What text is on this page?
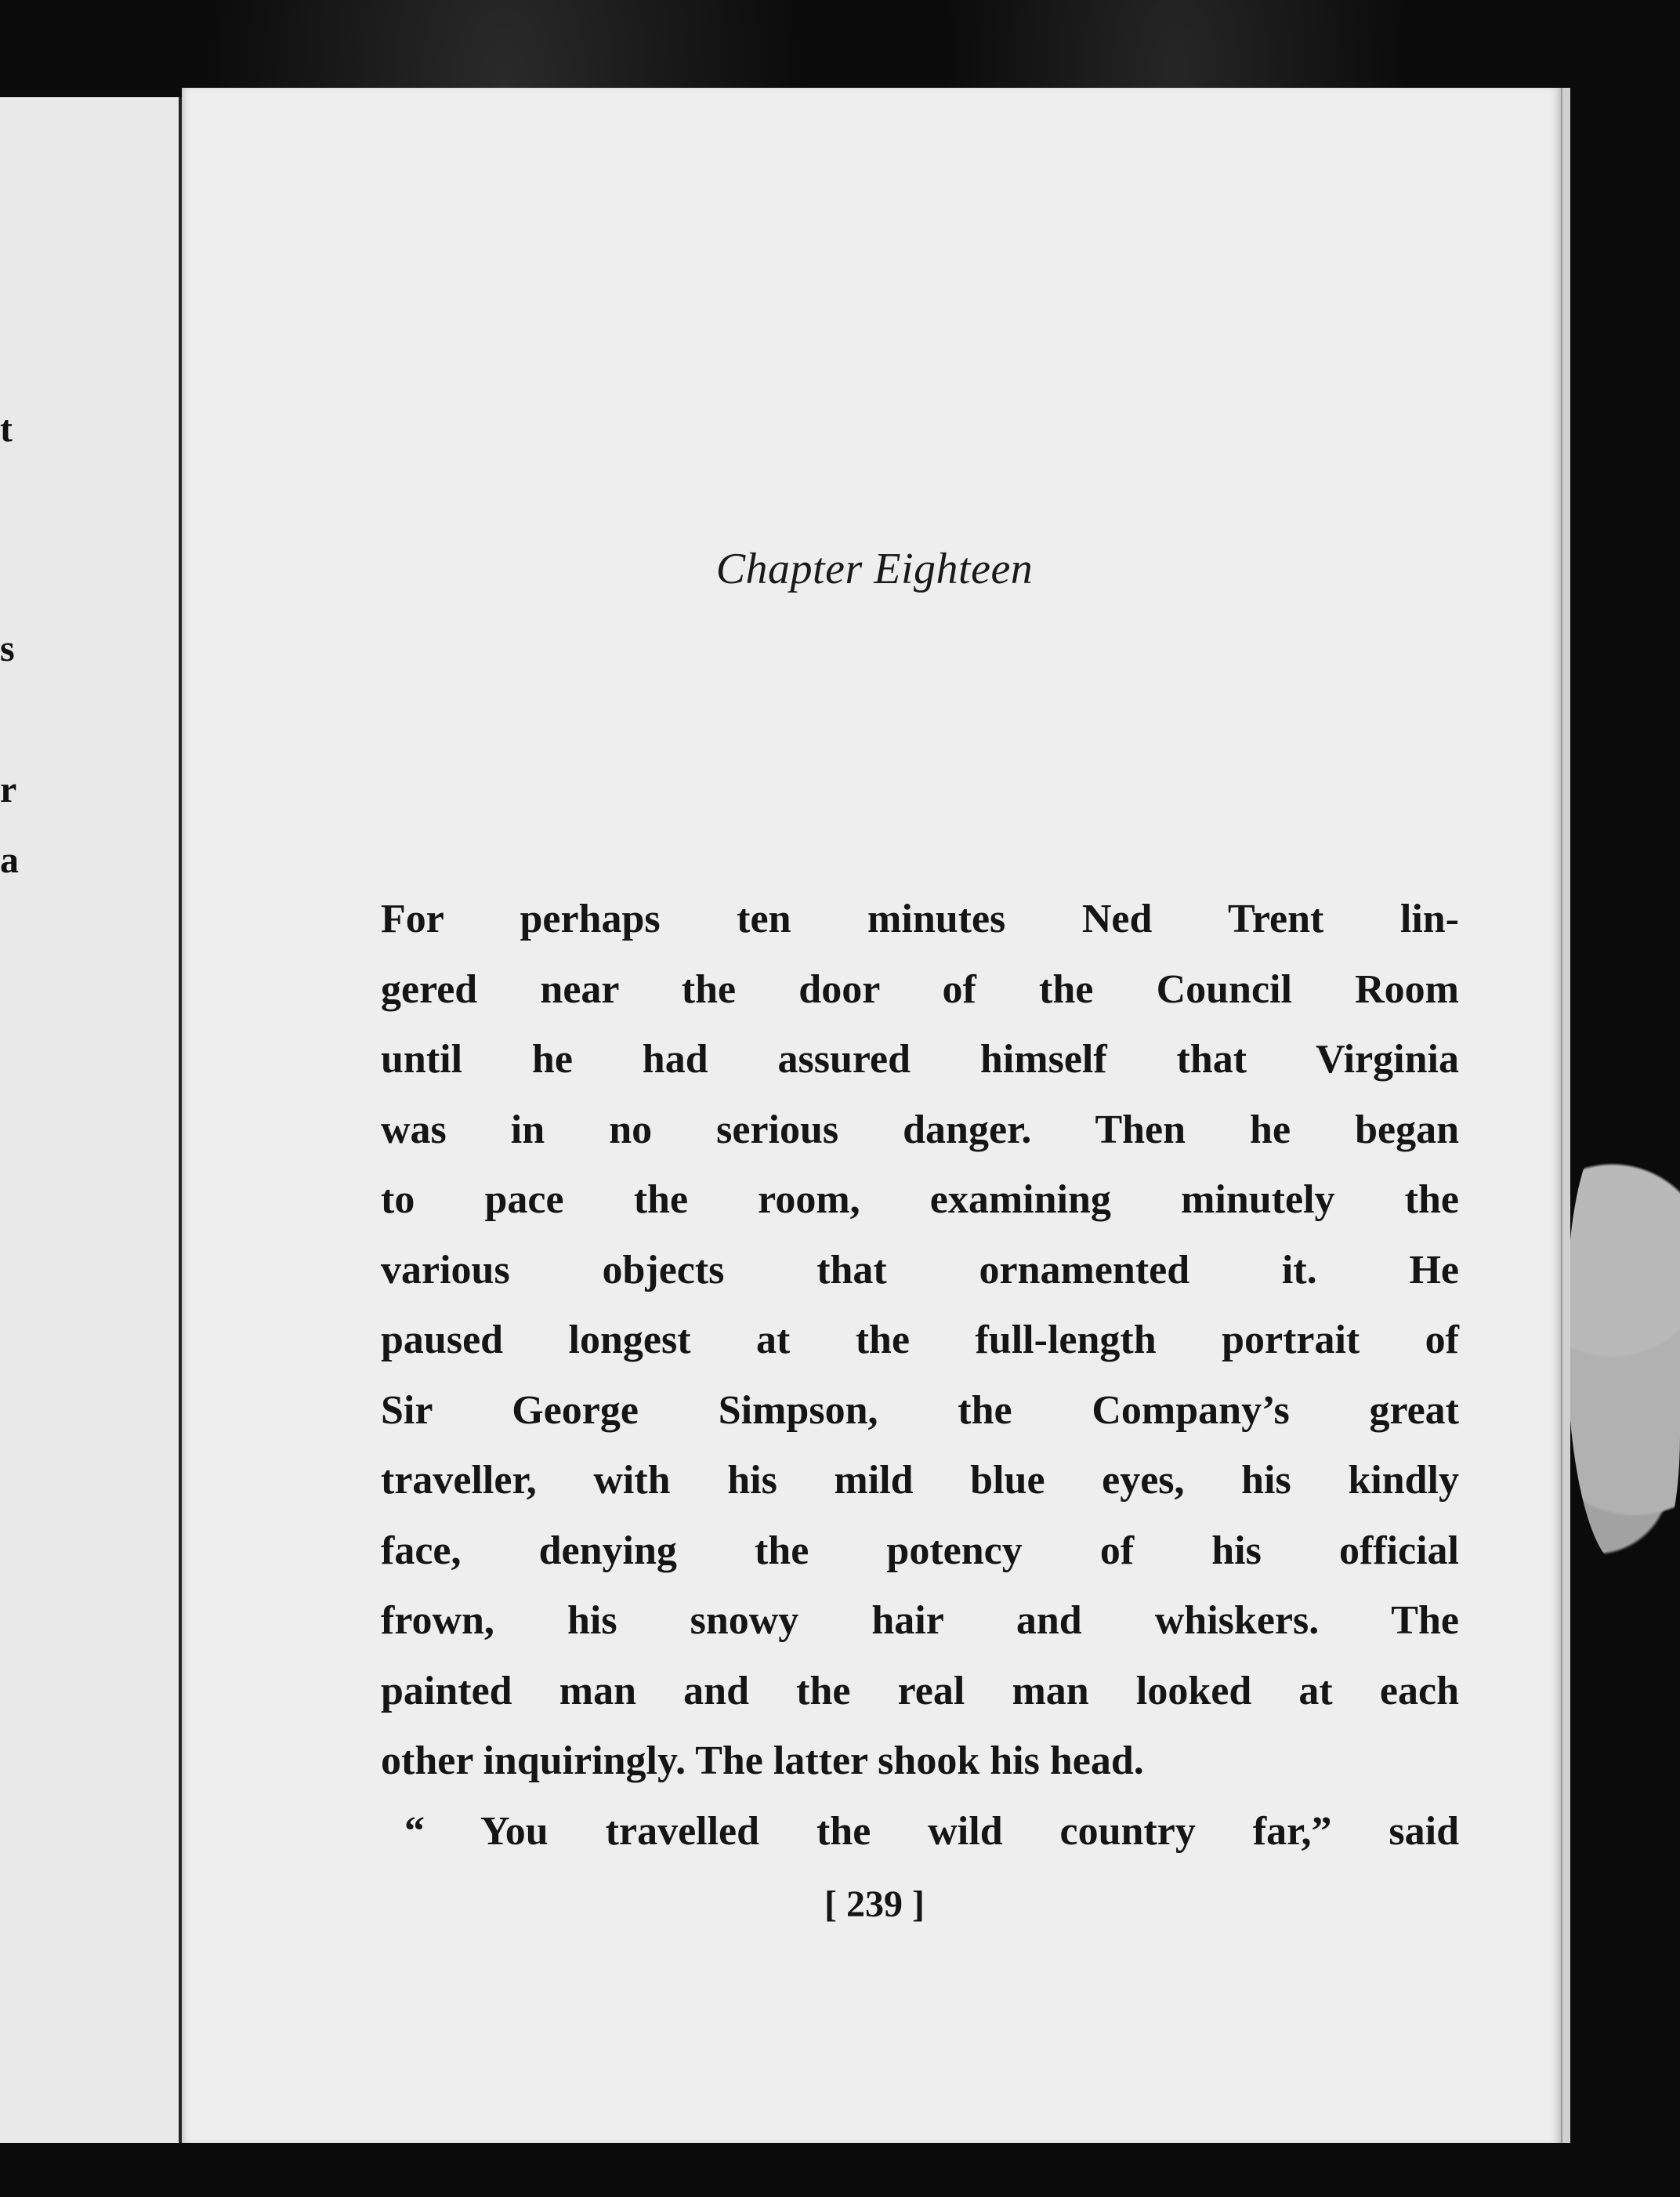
t
s
r
a
Chapter Eighteen

For perhaps ten minutes Ned Trent lin-
gered near the door of the Council Room
until he had assured himself that Virginia
was in no serious danger. Then he began
to pace the room, examining minutely the
various objects that ornamented it. He
paused longest at the full-length portrait of
Sir George Simpson, the Company’s great
traveller, with his mild blue eyes, his kindly
face, denying the potency of his official
frown, his snowy hair and whiskers. The
painted man and the real man looked at each
other inquiringly. The latter shook his head.
“ You travelled the wild country far,” said

[ 239 ]
